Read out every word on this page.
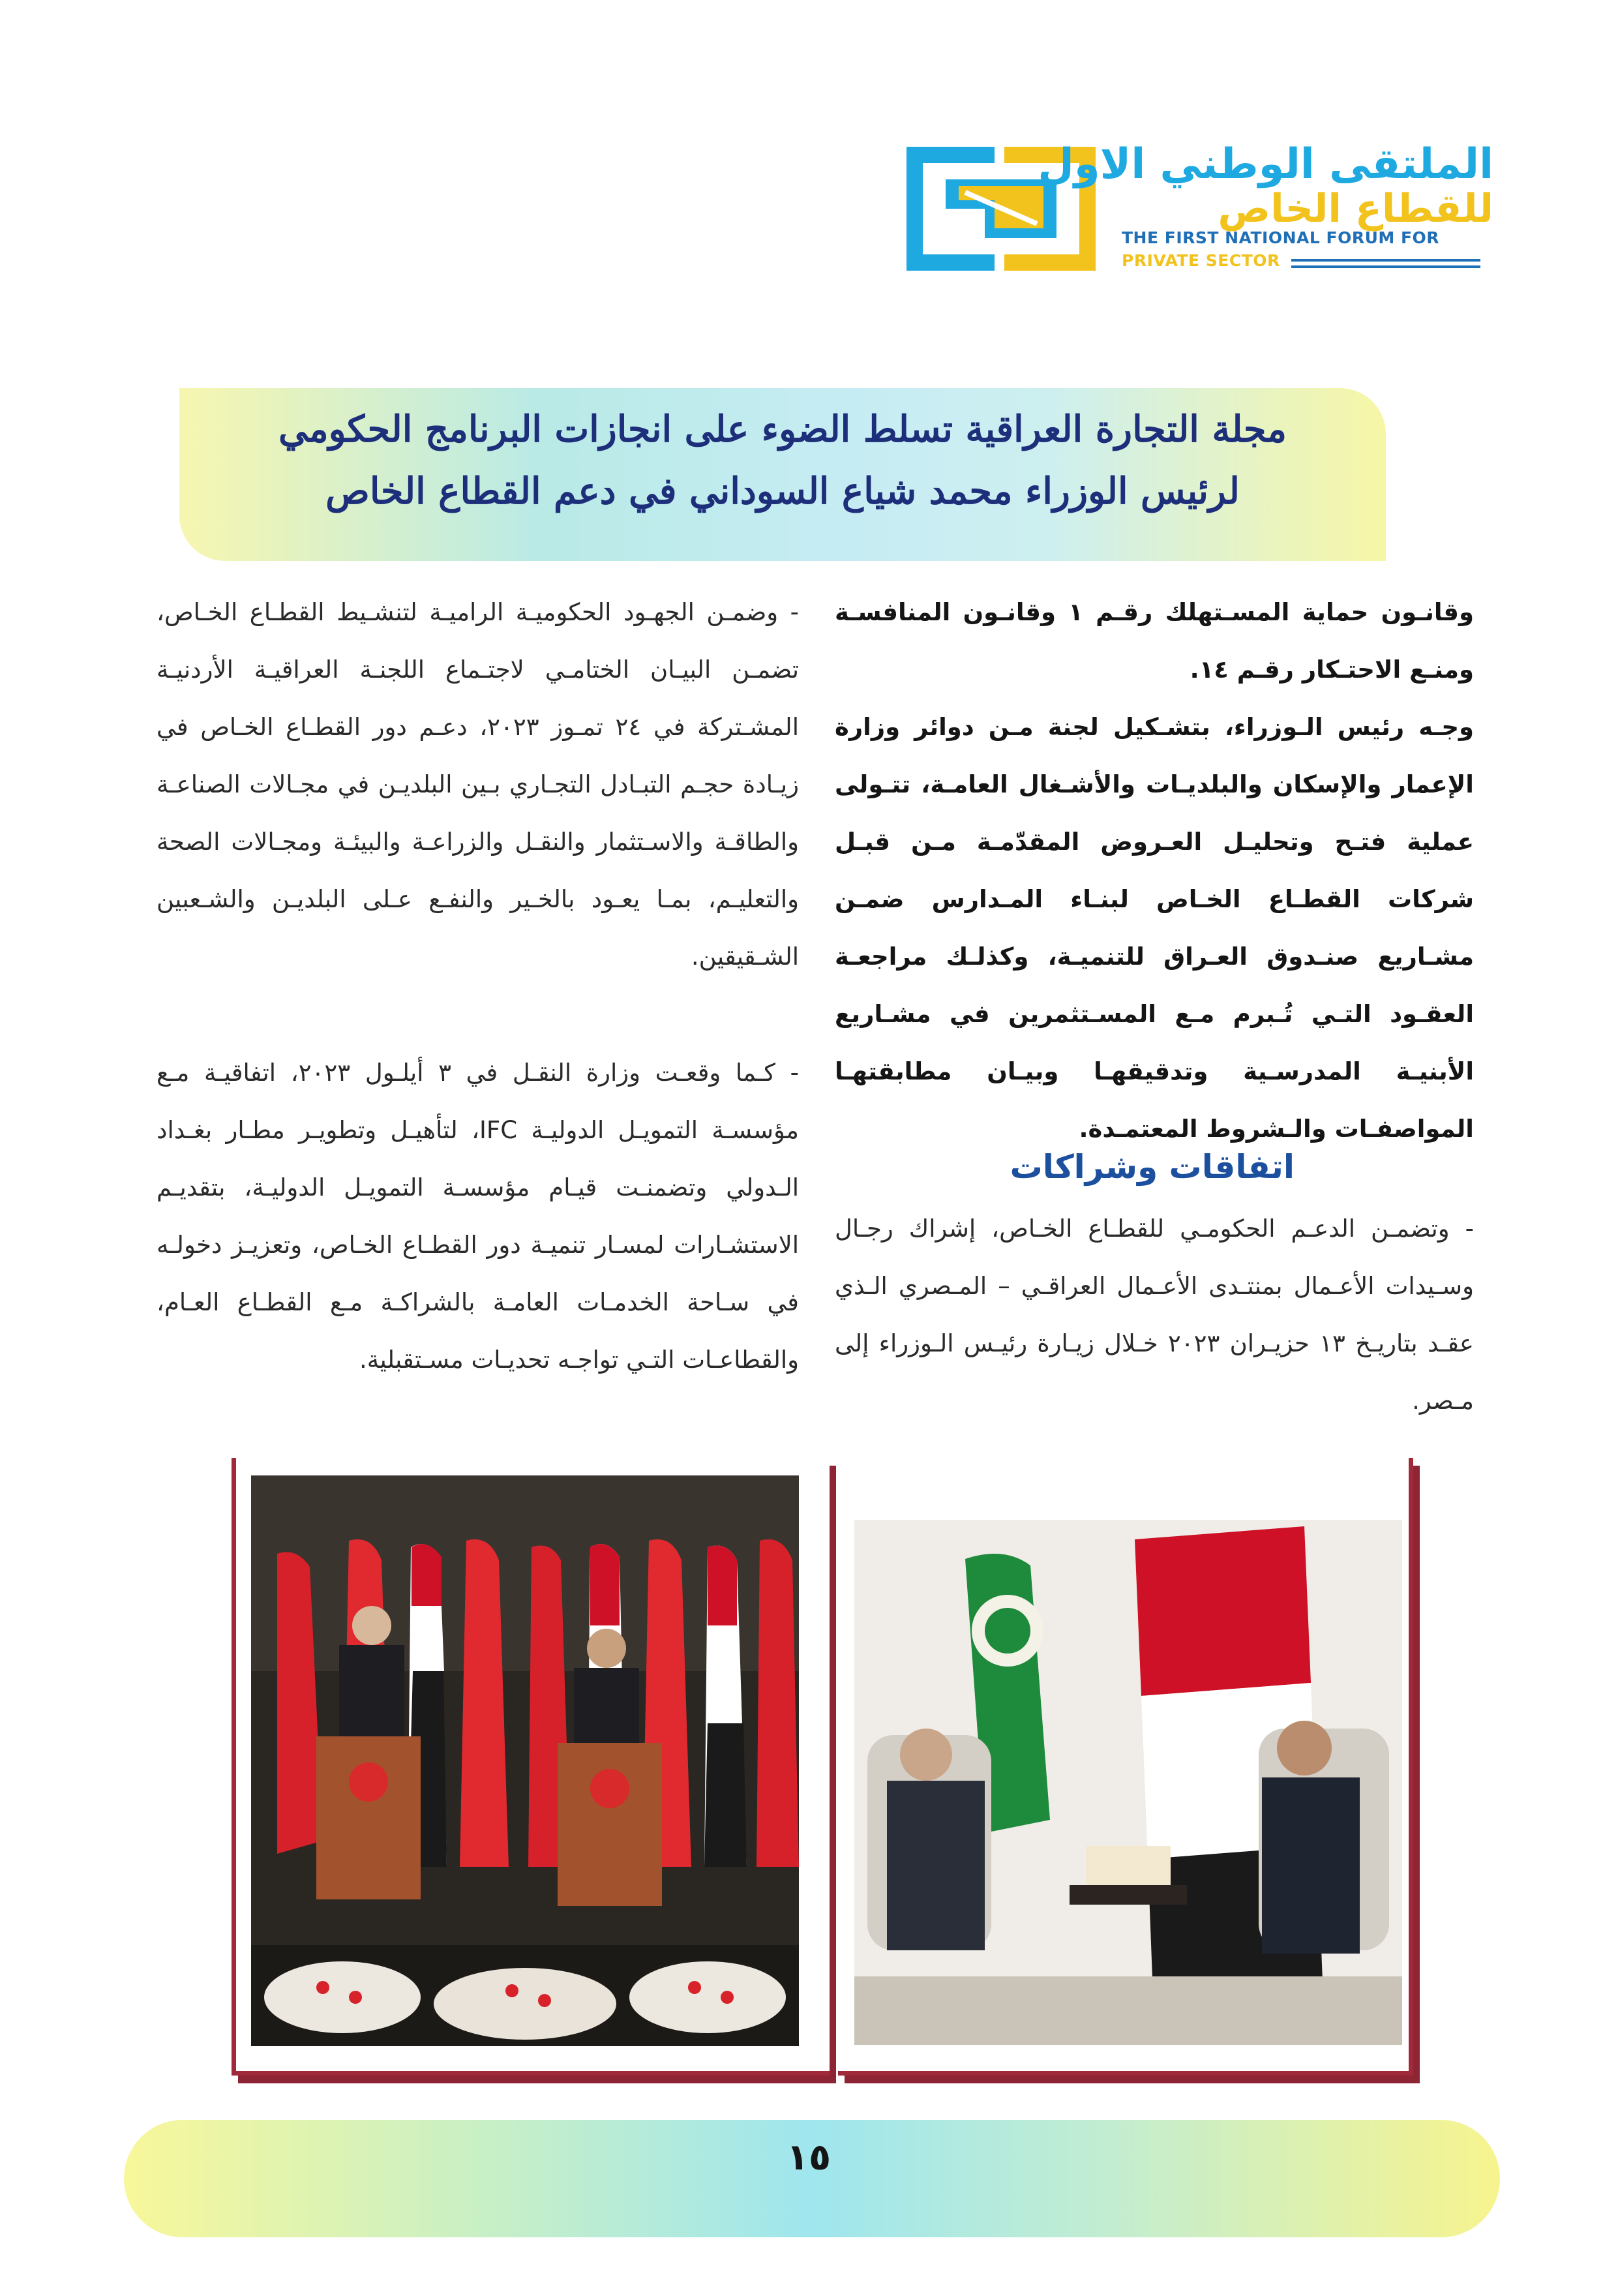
الملتقى الوطني الاول
للقطاع الخاص
THE FIRST NATIONAL FORUM FOR
PRIVATE SECTOR
مجلة التجارة العراقية تسلط الضوء على انجازات البرنامج الحكومي
لرئيس الوزراء محمد شياع السوداني في دعم القطاع الخاص

وقانـون حماية المسـتهلك رقـم ١ وقانـون المنافسـة ومنـع الاحتـكار رقـم ١٤.

وجـه رئيس الـوزراء، بتشـكيل لجنة مـن دوائر وزارة الإعمار والإسكان والبلديـات والأشـغال العامـة، تتـولى عملية فتـح وتحليـل العـروض المقدّمـة مـن قبـل شركات القطـاع الخـاص لبنـاء المـدارس ضمـن مشـاريع صنـدوق العـراق للتنميـة، وكذلـك مراجعـة العقـود التـي تُـبرم مـع المسـتثمرين في مشـاريع الأبنيـة المدرسـية وتدقيقهـا وبيـان مطابقتهـا المواصفـات والـشروط المعتمـدة.

اتفاقات وشراكات

- وتضمـن الدعـم الحكومـي للقطـاع الخـاص، إشراك رجـال وسـيدات الأعـمال بمنتـدى الأعـمال العراقـي – المـصري الـذي عقـد بتاريـخ ١٣ حزيـران ٢٠٢٣ خـلال زيـارة رئيـس الـوزراء إلى مـصر.

- وضمـن الجهـود الحكوميـة الراميـة لتنشـيط القطـاع الخـاص، تضمـن البيـان الختامـي لاجتـماع اللجنـة العراقيـة الأردنيـة المشـتركة في ٢٤ تمـوز ٢٠٢٣، دعـم دور القطـاع الخـاص في زيـادة حجـم التبـادل التجـاري بـين البلديـن في مجـالات الصناعـة والطاقـة والاسـتثمار والنقـل والزراعـة والبيئـة ومجـالات الصحة والتعليـم، بمـا يعـود بالخـير والنفـع عـلى البلديـن والشـعبين الشـقيقين.

- كـما وقعـت وزارة النقـل في ٣ أيلـول ٢٠٢٣، اتفاقيـة مـع مؤسسـة التمويـل الدوليـة IFC، لتأهيـل وتطويـر مطـار بغـداد الـدولي وتضمنـت قيـام مؤسسـة التمويـل الدوليـة، بتقديـم الاستشـارات لمسـار تنميـة دور القطـاع الخـاص، وتعزيـز دخولـه في سـاحة الخدمـات العامـة بالشراكـة مـع القطـاع العـام، والقطاعـات التـي تواجـه تحديـات مسـتقبلية.

١٥
